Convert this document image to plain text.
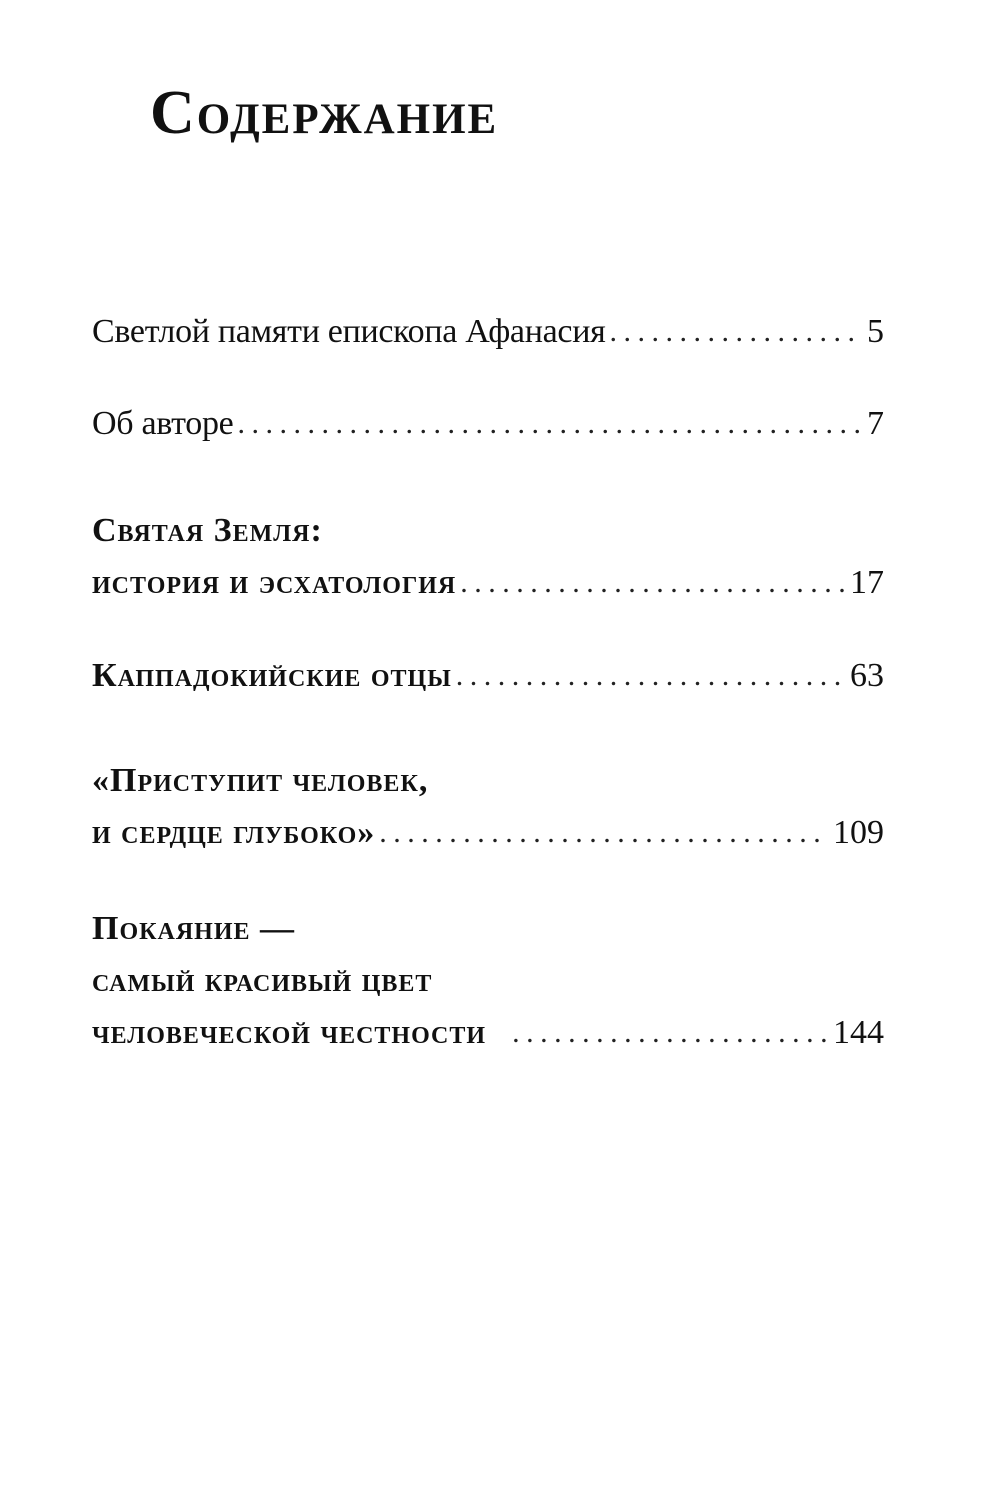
Содержание
Светлой памяти епископа Афанасия . . .	5
Об авторе . . .	7
Святая Земля:
история и эсхатология . . .	17
Каппадокийские отцы . . .	63
«Приступит человек,
и сердце глубоко» . . .	109
Покаяние —
самый красивый цвет
человеческой честности . . .	144
